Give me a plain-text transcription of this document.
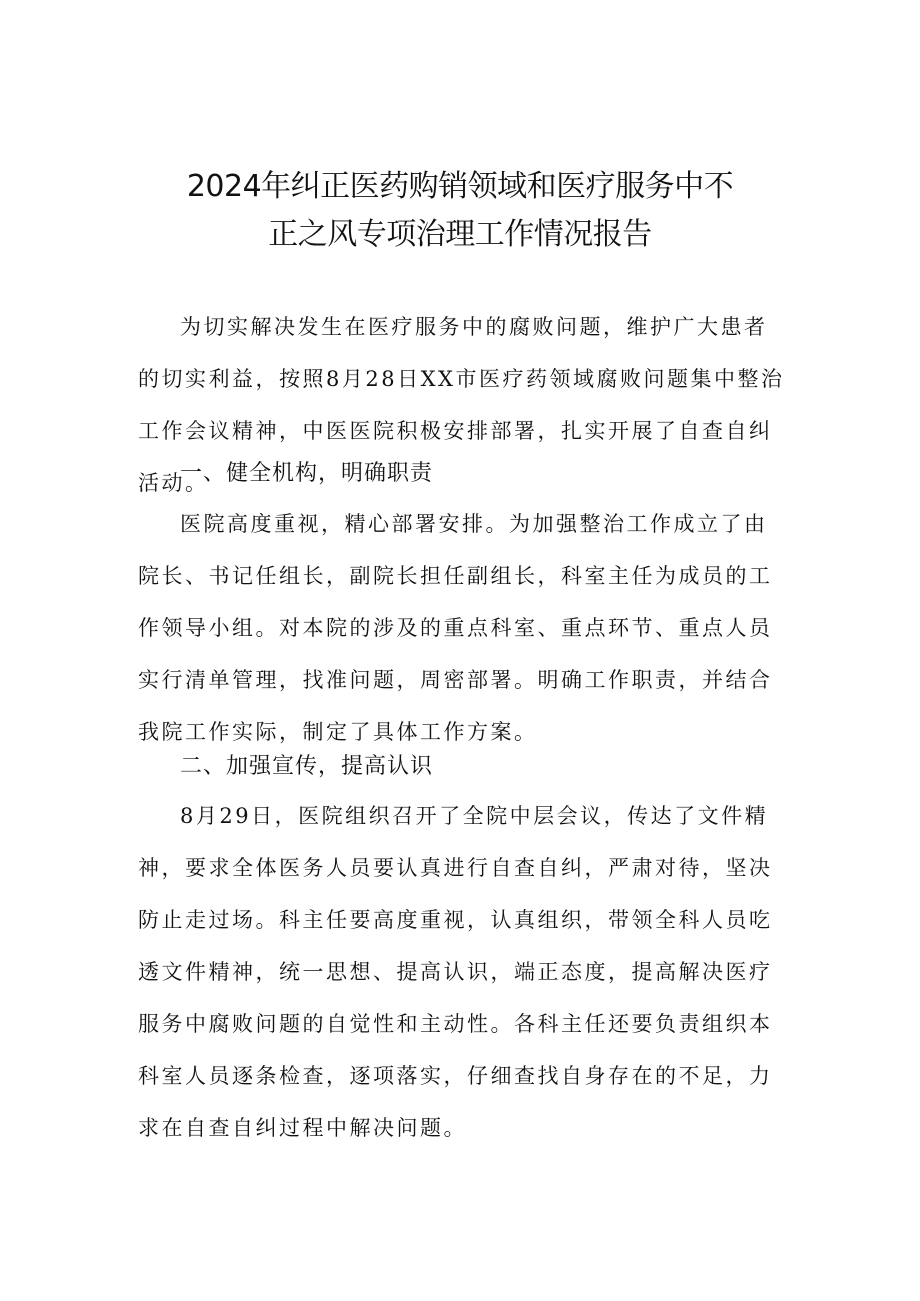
2024年纠正医药购销领域和医疗服务中不
正之风专项治理工作情况报告

为切实解决发生在医疗服务中的腐败问题，维护广大患者的切实利益，按照8月28日XX市医疗药领域腐败问题集中整治工作会议精神，中医医院积极安排部署，扎实开展了自查自纠活动。

一、健全机构，明确职责

医院高度重视，精心部署安排。为加强整治工作成立了由院长、书记任组长，副院长担任副组长，科室主任为成员的工作领导小组。对本院的涉及的重点科室、重点环节、重点人员实行清单管理，找准问题，周密部署。明确工作职责，并结合我院工作实际，制定了具体工作方案。

二、加强宣传，提高认识

8月29日，医院组织召开了全院中层会议，传达了文件精神，要求全体医务人员要认真进行自查自纠，严肃对待，坚决防止走过场。科主任要高度重视，认真组织，带领全科人员吃透文件精神，统一思想、提高认识，端正态度，提高解决医疗服务中腐败问题的自觉性和主动性。各科主任还要负责组织本科室人员逐条检查，逐项落实，仔细查找自身存在的不足，力求在自查自纠过程中解决问题。
